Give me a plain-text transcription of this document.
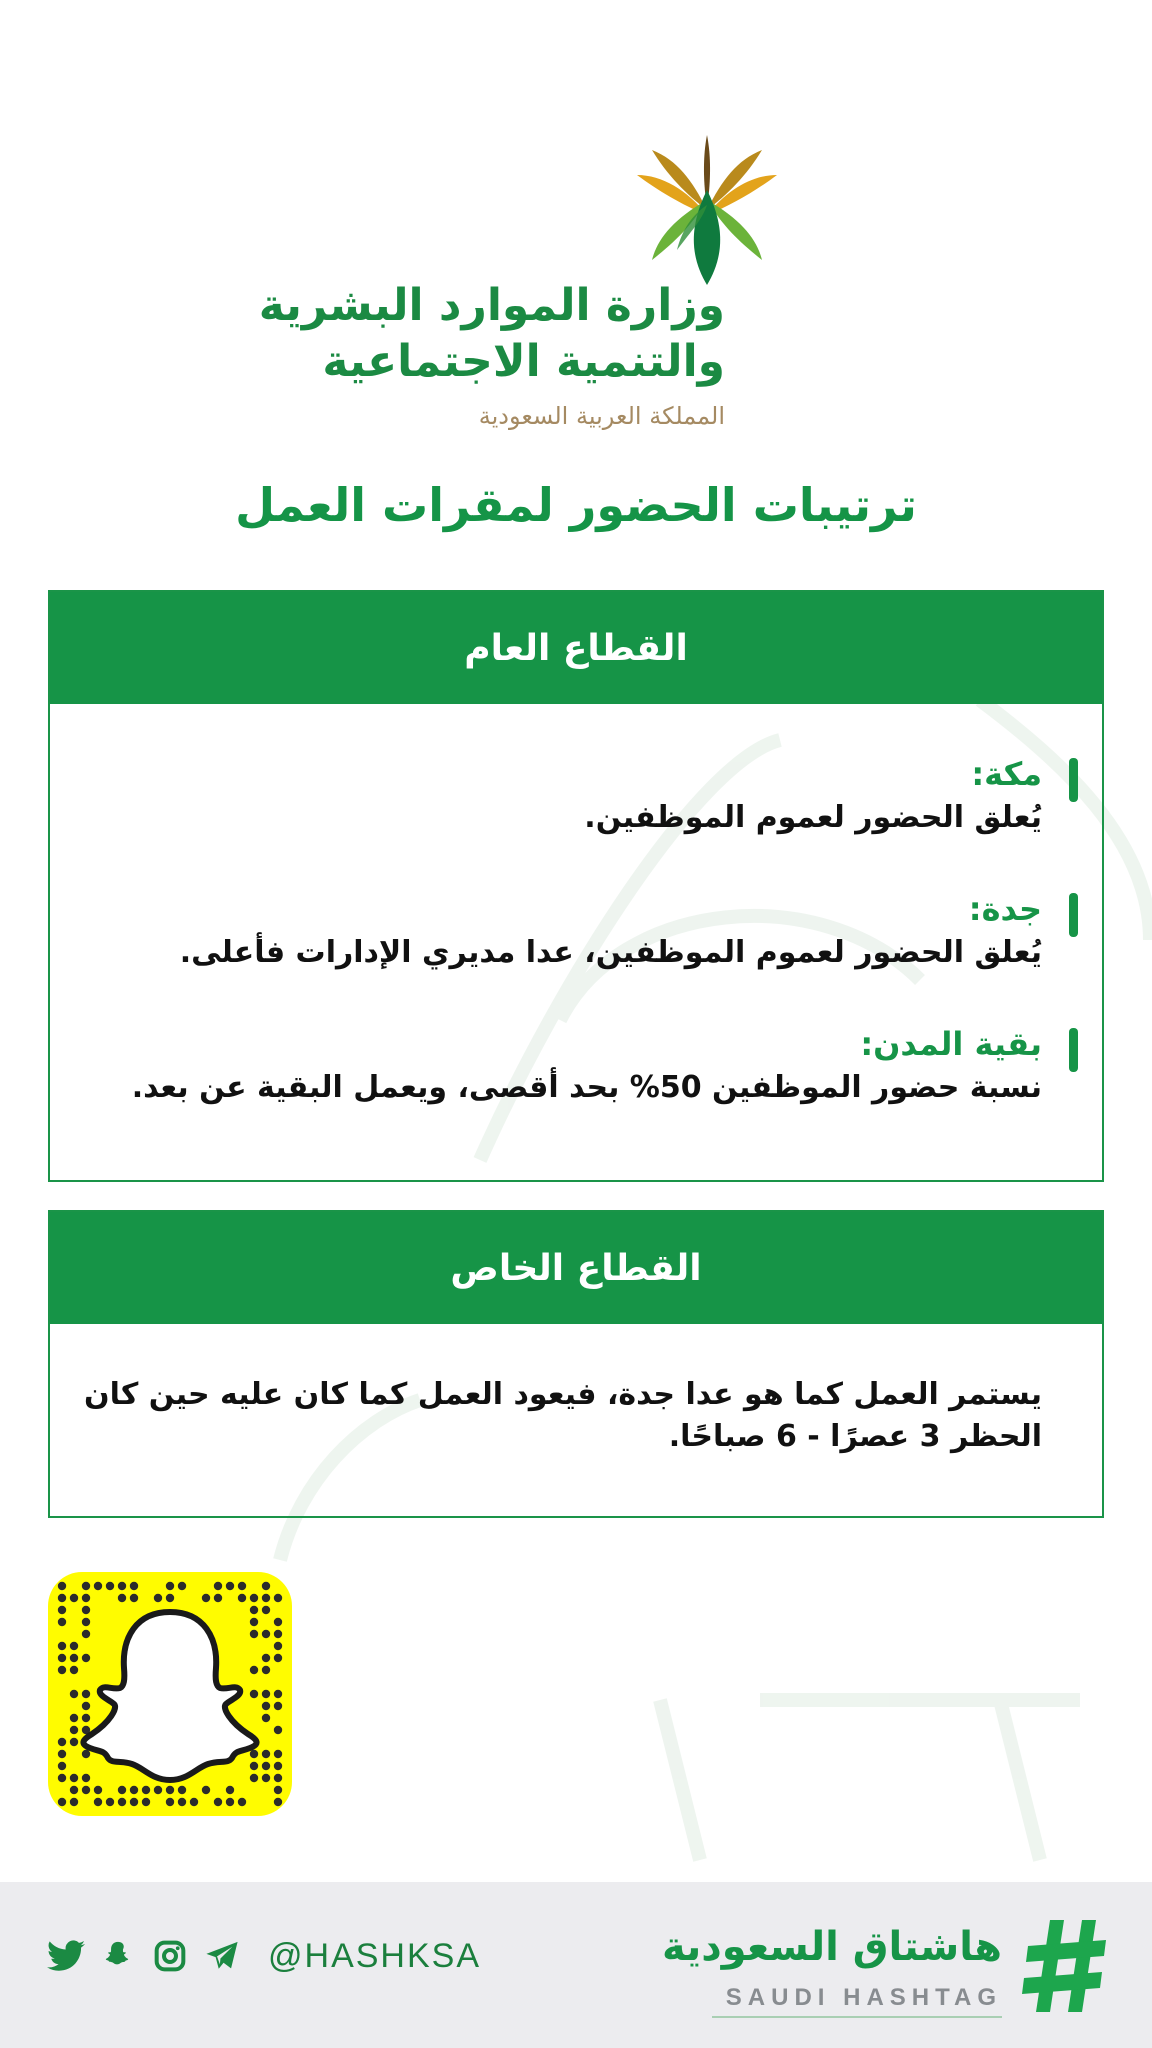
وزارة الموارد البشرية
والتنمية الاجتماعية
المملكة العربية السعودية
ترتيبات الحضور لمقرات العمل
القطاع العام
مكة:
يُعلق الحضور لعموم الموظفين.
جدة:
يُعلق الحضور لعموم الموظفين، عدا مديري الإدارات فأعلى.
بقية المدن:
نسبة حضور الموظفين 50% بحد أقصى، ويعمل البقية عن بعد.
القطاع الخاص
يستمر العمل كما هو عدا جدة، فيعود العمل كما كان عليه حين كان الحظر 3 عصرًا - 6 صباحًا.
@HASHKSA	هاشتاق السعودية
SAUDI HASHTAG
